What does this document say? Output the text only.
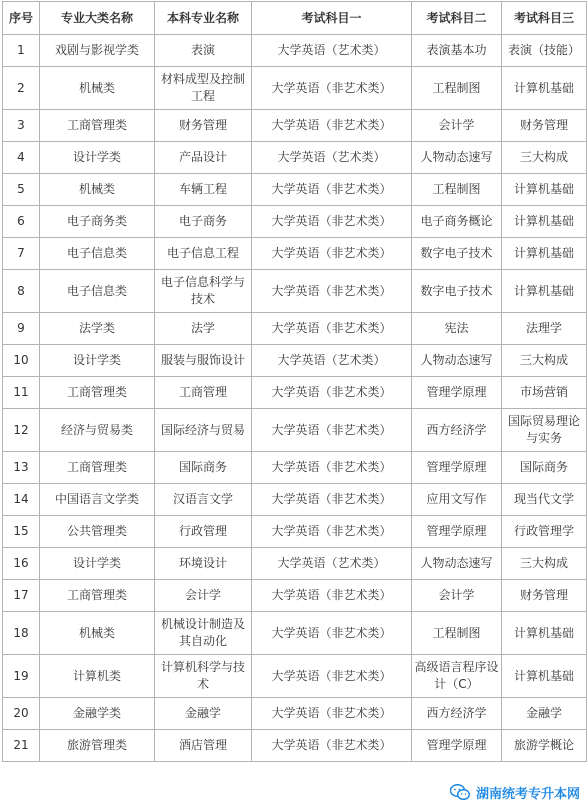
序号	专业大类名称	本科专业名称	考试科目一	考试科目二	考试科目三
1	戏剧与影视学类	表演	大学英语（艺术类）	表演基本功	表演（技能）
2	机械类	材料成型及控制工程	大学英语（非艺术类）	工程制图	计算机基础
3	工商管理类	财务管理	大学英语（非艺术类）	会计学	财务管理
4	设计学类	产品设计	大学英语（艺术类）	人物动态速写	三大构成
5	机械类	车辆工程	大学英语（非艺术类）	工程制图	计算机基础
6	电子商务类	电子商务	大学英语（非艺术类）	电子商务概论	计算机基础
7	电子信息类	电子信息工程	大学英语（非艺术类）	数字电子技术	计算机基础
8	电子信息类	电子信息科学与技术	大学英语（非艺术类）	数字电子技术	计算机基础
9	法学类	法学	大学英语（非艺术类）	宪法	法理学
10	设计学类	服装与服饰设计	大学英语（艺术类）	人物动态速写	三大构成
11	工商管理类	工商管理	大学英语（非艺术类）	管理学原理	市场营销
12	经济与贸易类	国际经济与贸易	大学英语（非艺术类）	西方经济学	国际贸易理论与实务
13	工商管理类	国际商务	大学英语（非艺术类）	管理学原理	国际商务
14	中国语言文学类	汉语言文学	大学英语（非艺术类）	应用文写作	现当代文学
15	公共管理类	行政管理	大学英语（非艺术类）	管理学原理	行政管理学
16	设计学类	环境设计	大学英语（艺术类）	人物动态速写	三大构成
17	工商管理类	会计学	大学英语（非艺术类）	会计学	财务管理
18	机械类	机械设计制造及其自动化	大学英语（非艺术类）	工程制图	计算机基础
19	计算机类	计算机科学与技术	大学英语（非艺术类）	高级语言程序设计（C）	计算机基础
20	金融学类	金融学	大学英语（非艺术类）	西方经济学	金融学
21	旅游管理类	酒店管理	大学英语（非艺术类）	管理学原理	旅游学概论
湖南统考专升本网
